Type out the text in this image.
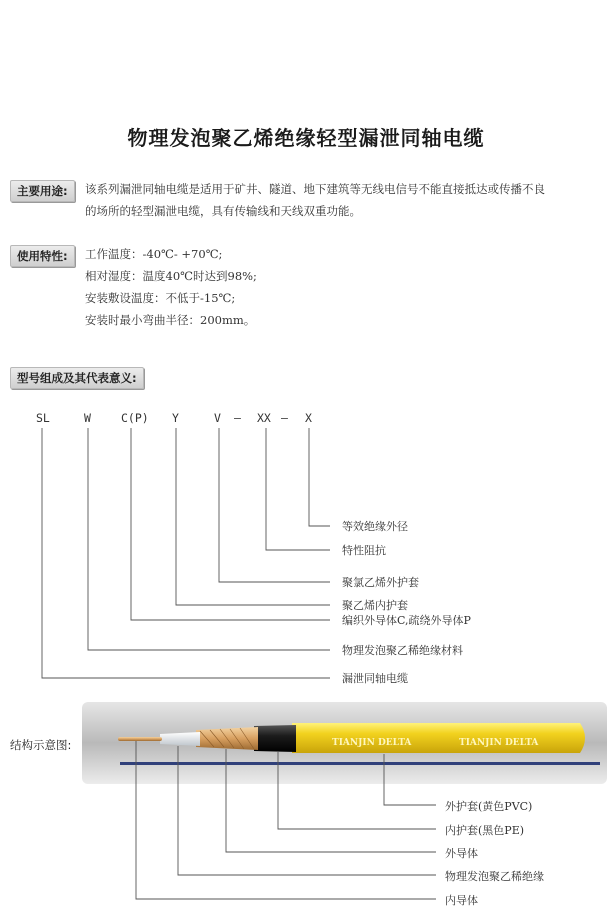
物理发泡聚乙烯绝缘轻型漏泄同轴电缆
主要用途:	该系列漏泄同轴电缆是适用于矿井、隧道、地下建筑等无线电信号不能直接抵达或传播不良
的场所的轻型漏泄电缆，具有传输线和天线双重功能。
使用特性:	工作温度：-40℃- +70℃;
相对湿度：温度40℃时达到98%;
安装敷设温度：不低于-15℃;
安装时最小弯曲半径：200mm。
型号组成及其代表意义:
SL	W	C(P) Y	V — XX — X
等效绝缘外径
特性阻抗
聚氯乙烯外护套
聚乙烯内护套
编织外导体C,疏绕外导体P
物理发泡聚乙稀绝缘材料
漏泄同轴电缆
结构示意图:	TIANJIN DELTA	TIANJIN DELTA
外护套(黄色PVC)
内护套(黑色PE)
外导体
物理发泡聚乙稀绝缘
内导体
